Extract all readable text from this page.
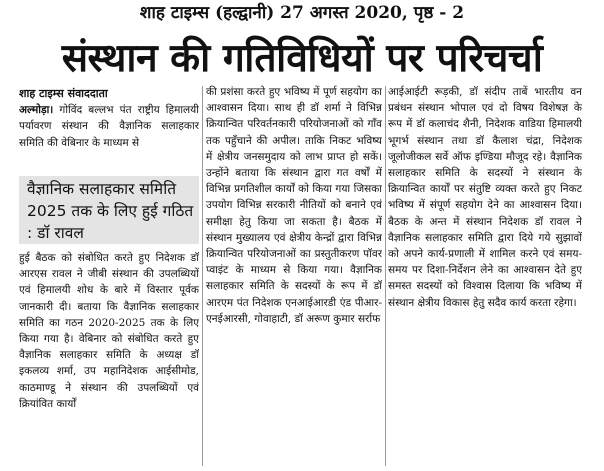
शाह टाइम्स (हल्द्वानी) 27 अगस्त 2020, पृष्ठ - 2
संस्थान की गतिविधियों पर परिचर्चा

शाह टाइम्स संवाददाता
अल्मोड़ा। गोविंद बल्लभ पंत राष्ट्रीय हिमालयी पर्यावरण संस्थान की वैज्ञानिक सलाहकार समिति की वेबिनार के माध्यम से

वैज्ञानिक सलाहकार समिति 2025 तक के लिए हुई गठित : डॉ रावल

हुई बैठक को संबोधित करते हुए निदेशक डॉ आरएस रावल ने जीबी संस्थान की उपलब्धियों एवं हिमालयी शोध के बारे में विस्तार पूर्वक जानकारी दी। बताया कि वैज्ञानिक सलाहकार समिति का गठन 2020-2025 तक के लिए किया गया है। वेबिनार को संबोधित करते हुए वैज्ञानिक सलाहकार समिति के अध्यक्ष डॉ इकलव्य शर्मा, उप महानिदेशक आईसीमोड, काठमाण्डू ने संस्थान की उपलब्धियों एवं क्रियांवित कार्यों

की प्रशंसा करते हुए भविष्य में पूर्ण सहयोग का आश्वासन दिया। साथ ही डॉ शर्मा ने विभिन्न क्रियान्वित परिवर्तनकारी परियोजनाओं को गाँव तक पहुँचाने की अपील। ताकि निकट भविष्य में क्षेत्रीय जनसमुदाय को लाभ प्राप्त हो सकें। उन्होंने बताया कि संस्थान द्वारा गत वर्षों में विभिन्न प्रगतिशील कार्यों को किया गया जिसका उपयोग विभिन्न सरकारी नीतियों को बनाने एवं समीक्षा हेतु किया जा सकता है। बैठक में संस्थान मुख्यालय एवं क्षेत्रीय केन्द्रों द्वारा विभिन्न क्रियान्वित परियोजनाओं का प्रस्तुतीकरण पॉवर प्वाइंट के माध्यम से किया गया। वैज्ञानिक सलाहकार समिति के सदस्यों के रूप में डॉ आरएम पंत निदेशक एनआईआरडी एंड पीआर-एनईआरसी, गोवाहाटी, डॉ अरूण कुमार सर्राफ

आईआईटी रूड़की, डॉ संदीप ताबें भारतीय वन प्रबंधन संस्थान भोपाल एवं दो विषय विशेषज्ञ के रूप में डॉ कलाचंद शैनी, निदेशक वाडिया हिमालयी भूगर्भ संस्थान तथा डॉ कैलाश चंद्रा, निदेशक जूलोजीकल सर्वे ऑफ इण्डिया मौजूद रहे। वैज्ञानिक सलाहकार समिति के सदस्यों ने संस्थान के क्रियान्वित कार्यों पर संतुष्टि व्यक्त करते हुए निकट भविष्य में संपूर्ण सहयोग देने का आश्वासन दिया। बैठक के अन्त में संस्थान निदेशक डॉ रावल ने वैज्ञानिक सलाहकार समिति द्वारा दिये गये सुझावों को अपने कार्य-प्रणाली में शामिल करने एवं समय-समय पर दिशा-निर्देशन लेने का आश्वासन देते हुए समस्त सदस्यों को विश्वास दिलाया कि भविष्य में संस्थान क्षेत्रीय विकास हेतु सदैव कार्य करता रहेगा।
